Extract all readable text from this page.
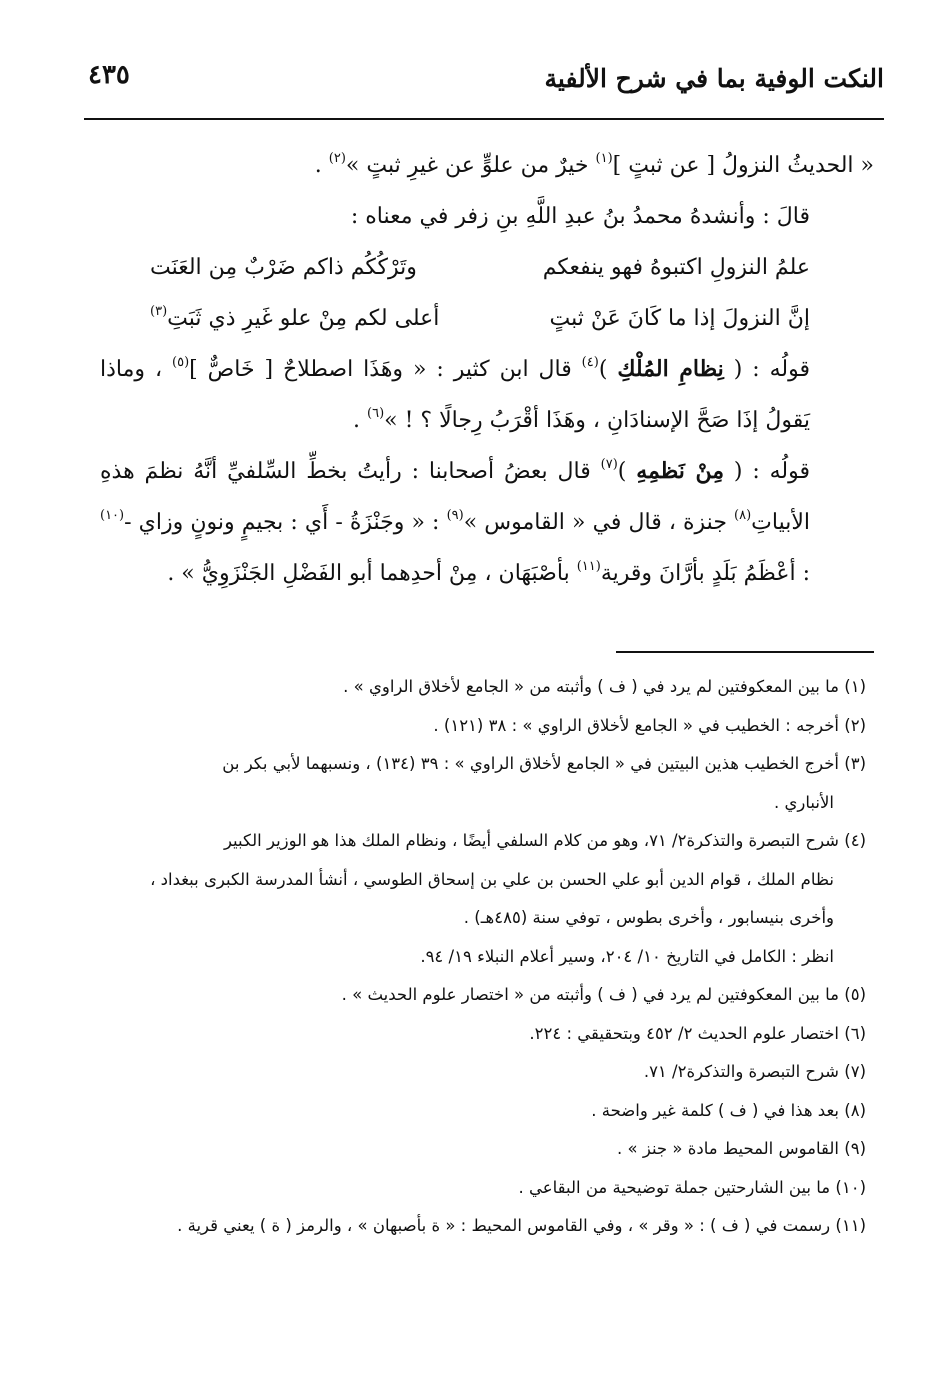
النكت الوفية بما في شرح الألفية
٤٣٥

« الحديثُ النزولُ [ عن ثبتٍ ]$^{(١)}$ خيرٌ من علوٍّ عن غيرِ ثبتٍ »$^{(٢)}$ .

قالَ : وأنشدهُ محمدُ بنُ عبدِ اللَّهِ بنِ زفر في معناه :

علمُ النزولِ اكتبوهُ فهو ينفعكم
وتَرْكُكُم ذاكم ضَرْبٌ مِن العَنَت
إنَّ النزولَ إذا ما كَانَ عَنْ ثبتٍ
أعلى لكم مِنْ علو غَيرِ ذي ثَبَتِ$^{(٣)}$

قولُه : ( نِظامِ المُلْكِ )$^{(٤)}$ قال ابن كثير : « وهَذَا اصطلاحٌ [ خَاصٌّ ]$^{(٥)}$ ، وماذا يَقولُ إذَا صَحَّ الإسنادَانِ ، وهَذَا أقْرَبُ رِجالًا ؟ ! »$^{(٦)}$ .

قولُه : ( مِنْ نَظمِهِ )$^{(٧)}$ قال بعضُ أصحابنا : رأيتُ بخطِّ السِّلفيِّ أنَّهُ نظمَ هذهِ الأبياتِ$^{(٨)}$ جنزة ، قال في « القاموس »$^{(٩)}$ : « وجَنْزَةُ - أَي : بجيمٍ ونونٍ وزاي -$^{(١٠)}$ : أعْظَمُ بَلَدٍ بأرَّانَ وقرية$^{(١١)}$ بأصْبَهَان ، مِنْ أحدِهما أبو الفَضْلِ الجَنْزَوِيُّ » .

(١) ما بين المعكوفتين لم يرد في ( ف ) وأثبته من « الجامع لأخلاق الراوي » .

(٢) أخرجه : الخطيب في « الجامع لأخلاق الراوي » : ٣٨ (١٢١) .

(٣) أخرج الخطيب هذين البيتين في « الجامع لأخلاق الراوي » : ٣٩ (١٣٤) ، ونسبهما لأبي بكر بن

الأنباري .

(٤) شرح التبصرة والتذكرة٢/ ٧١، وهو من كلام السلفي أيضًا ، ونظام الملك هذا هو الوزير الكبير

نظام الملك ، قوام الدين أبو علي الحسن بن علي بن إسحاق الطوسي ، أنشأ المدرسة الكبرى ببغداد ،

وأخرى بنيسابور ، وأخرى بطوس ، توفي سنة (٤٨٥هـ) .

انظر : الكامل في التاريخ ١٠/ ٢٠٤، وسير أعلام النبلاء ١٩/ ٩٤.

(٥) ما بين المعكوفتين لم يرد في ( ف ) وأثبته من « اختصار علوم الحديث » .

(٦) اختصار علوم الحديث ٢/ ٤٥٢ وبتحقيقي : ٢٢٤.

(٧) شرح التبصرة والتذكرة٢/ ٧١.

(٨) بعد هذا في ( ف ) كلمة غير واضحة .

(٩) القاموس المحيط مادة « جنز » .

(١٠) ما بين الشارحتين جملة توضيحية من البقاعي .

(١١) رسمت في ( ف ) : « وقر » ، وفي القاموس المحيط : « ة بأصبهان » ، والرمز ( ة ) يعني قرية .
